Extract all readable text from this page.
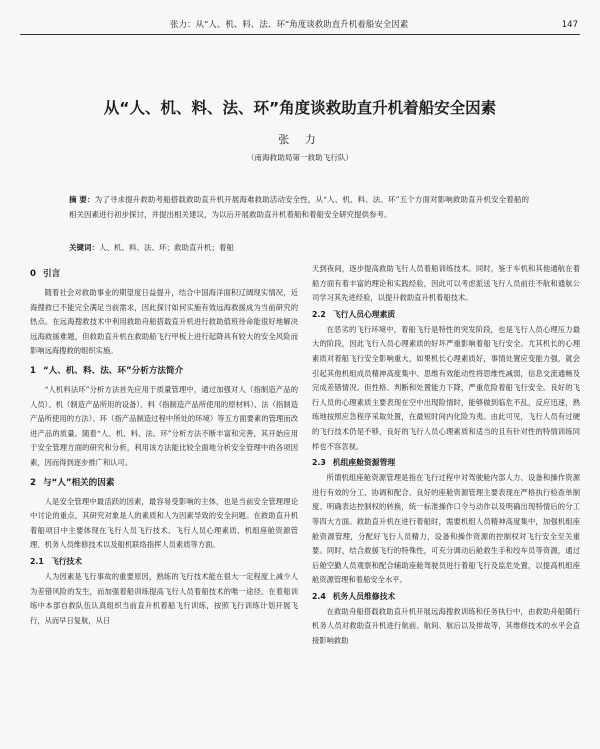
张力：从“人、机、料、法、环”角度谈救助直升机着船安全因素	147
从“人、机、料、法、环”角度谈救助直升机着船安全因素
张 力
（南海救助局第一救助飞行队）
摘 要：为了寻求提升救助考船搭载救助直升机开展海难救助活动安全性，从“人、机、料、法、环”五个方面对影响救助直升机安全着船的相关因素进行初步探讨，并提出相关建议，为以后开展救助直升机着船和着船安全研究提供参考。
关键词：人、机、料、法、环；救助直升机；着船
0 引言

随着社会对救助事业的期望度日益提升，结合中国海洋面积辽阔现实情况，近海搜救已不能完全满足当前需求，因此探讨如何实施有效远海救援成为当前研究的热点。在远海搜救技术中利用救助舟船搭载直升机进行救助值班待命能很好地解决远海救援难题，但救助直升机在救助船飞行甲板上进行起降具有较大的安全风险而影响远海搜救的组织实施。

1 “人、机、料、法、环”分析方法简介

“人机料法环”分析方法首先应用于质量管理中，通过加强对人（指制造产品的人员）、机（制造产品所用的设备）、料（指制造产品所使用的原材料）、法（指制造产品所使用的方法）、环（指产品制造过程中所处的环境）等五方面要素的管理而改进产品的质量。随着“人、机、料、法、环”分析方法不断丰富和完善，其开始应用于安全管理方面的研究和分析，利用该方法能比较全面地分析安全管理中的各项因素，因而得到逐步推广和认可。

2 与“人”相关的因素

人是安全管理中最活跃的因素，最容易受影响的主体，也是当前安全管理理论中讨论的重点，其研究对象是人的素质和人为因素导致的安全问题。在救助直升机着船项目中主要体现在飞行人员飞行技术、飞行人员心理素质、机组座舱资源管理、机务人员维修技术以及船机联络指挥人员素质等方面。

2.1 飞行技术

人为因素是飞行事故的重要原因，熟练的飞行技术能在很大一定程度上减少人为差错风险的发生，而加强着船训练提高飞行人员着船技术的唯一途径。在着船训练中本部自救队伍认真组织当前直升机着船飞行训练，按照飞行训练计划开展飞行，从而早日复航，从日

天到夜间，逐步提高救助飞行人员着船训练技术。同时，鉴于车机和其他通航在着船方面有着丰富的理论和实践经验，因此可以考虑派送飞行人员前往不航和通航公司学习其先进经验，以提升救助直升机着船技术。

2.2 飞行人员心理素质

在恶劣的飞行环境中，着船飞行是特性的突发阶段，也是飞行人员心理压力最大的阶段，因此飞行人员心理素质的好坏严重影响着船飞行安全。尤其机长的心理素质对着船飞行安全影响重大，如果机长心理素质好，事情处置应变能力强，就会引起其他机组成员精神高度集中、思维有效能动性将思维性减弱，信息交流通畅及完成差错情况。但性格、判断和处置能力下降，严重危险着船飞行安全。良好的飞行人员的心理素质主要表现在空中出现险情时，能够做到临危不乱，反应迅速，熟练地按照应急程序采取处置，在最短时间内化险为夷。由此可见，飞行人员有过硬的飞行技术仍是不够，良好的飞行人员心理素质和适当的且有针对性的特情训练同样也不容忽视。

2.3 机组座舱资源管理

所谓机组座舱资源管理是指在飞行过程中对驾驶舱内部人力、设备和操作资源进行有效的分工、协调和配合。良好的座舱资源管理主要表现在严格执行检查单制度、明确表达控制权的转换，统一标准操作口令与动作以及明确出现特情后的分工等四大方面。救助直升机在进行着船时，需要机组人员精神高度集中，加强机组座舱资源管理，分配好飞行人员精力，设备和操作资源的控制权对飞行安全至关重要。同时，结合救援飞行的特殊性，可充分调动后舱救生手和绞车员等资源，通过后舱空勤人员观察和配合辅助座舱驾驶员进行着船飞行及监危处置，以提高机组座舱资源管理和着船安全水平。

2.4 机务人员维修技术

在救助舟船搭载救助直升机开展远海搜救训练和任务执行中，由救助舟船随行机务人员对救助直升机进行航前、航间、航后以及排故等，其维修技术的水平会直接影响救助
